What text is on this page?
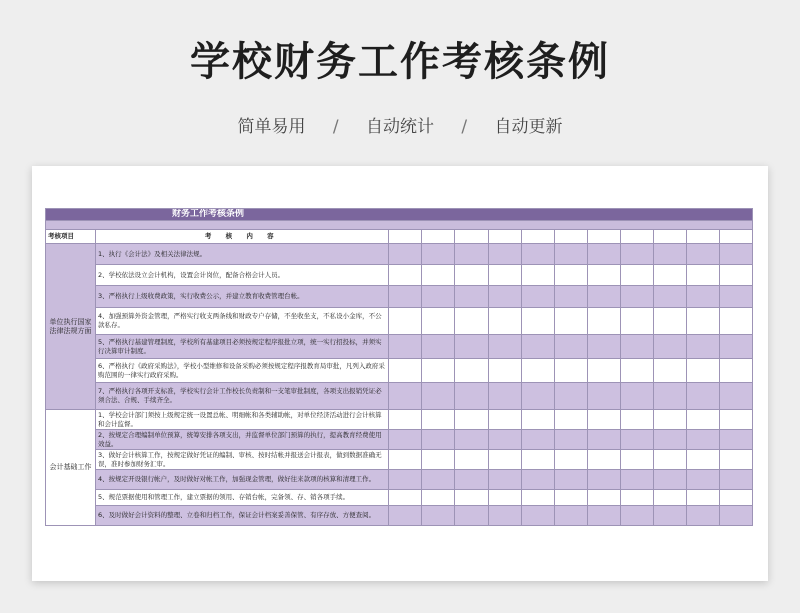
学校财务工作考核条例
简单易用 / 自动统计 / 自动更新
财务工作考核条例												

考核项目	考 核 内 容											
单位执行国家法律法规方面	1、执行《会计法》及相关法律法规。											
	2、学校依法设立会计机构，设置会计岗位，配备合格会计人员。											
	3、严格执行上级收费政策，实行收费公示，并建立教育收费管理台帐。											
	4、加强预算外资金管理，严格实行收支两条线和财政专户存储，不坐收坐支，不私设小金库，不公款私存。											
	5、严格执行基建管理制度，学校所有基建项目必须按规定程序报批立项，统一实行招投标，并须实行决算审计制度。											
	6、严格执行《政府采购法》，学校小型维修和设备采购必须按规定程序报教育局审批，凡列入政府采购范围的一律实行政府采购。											
	7、严格执行各项开支标准，学校实行会计工作校长负责制和一支笔审批制度，各项支出报销凭证必须合法、合规、手续齐全。											
会计基础工作	1、学校会计部门须按上级规定统一设置总帐、明细帐和各类辅助帐，对单位经济活动进行会计核算和会计监督。											
	2、按规定合理编制单位预算，统筹安排各项支出，并监督单位部门预算的执行，提高教育经费使用效益。											
	3、做好会计核算工作，按规定做好凭证的编制、审核、按时结帐并报送会计报表，做到数据准确无误，准时参加财务汇审。											
	4、按规定开设银行帐户，及时做好对帐工作，加强现金管理，做好往来款项的核算和清理工作。											
	5、规范票据使用和管理工作，建立票据的领用、存销台帐，完备领、存、销各项手续。											
	6、及时做好会计资料的整理、立卷和归档工作，保证会计档案妥善保管、有序存放、方便查阅。											
